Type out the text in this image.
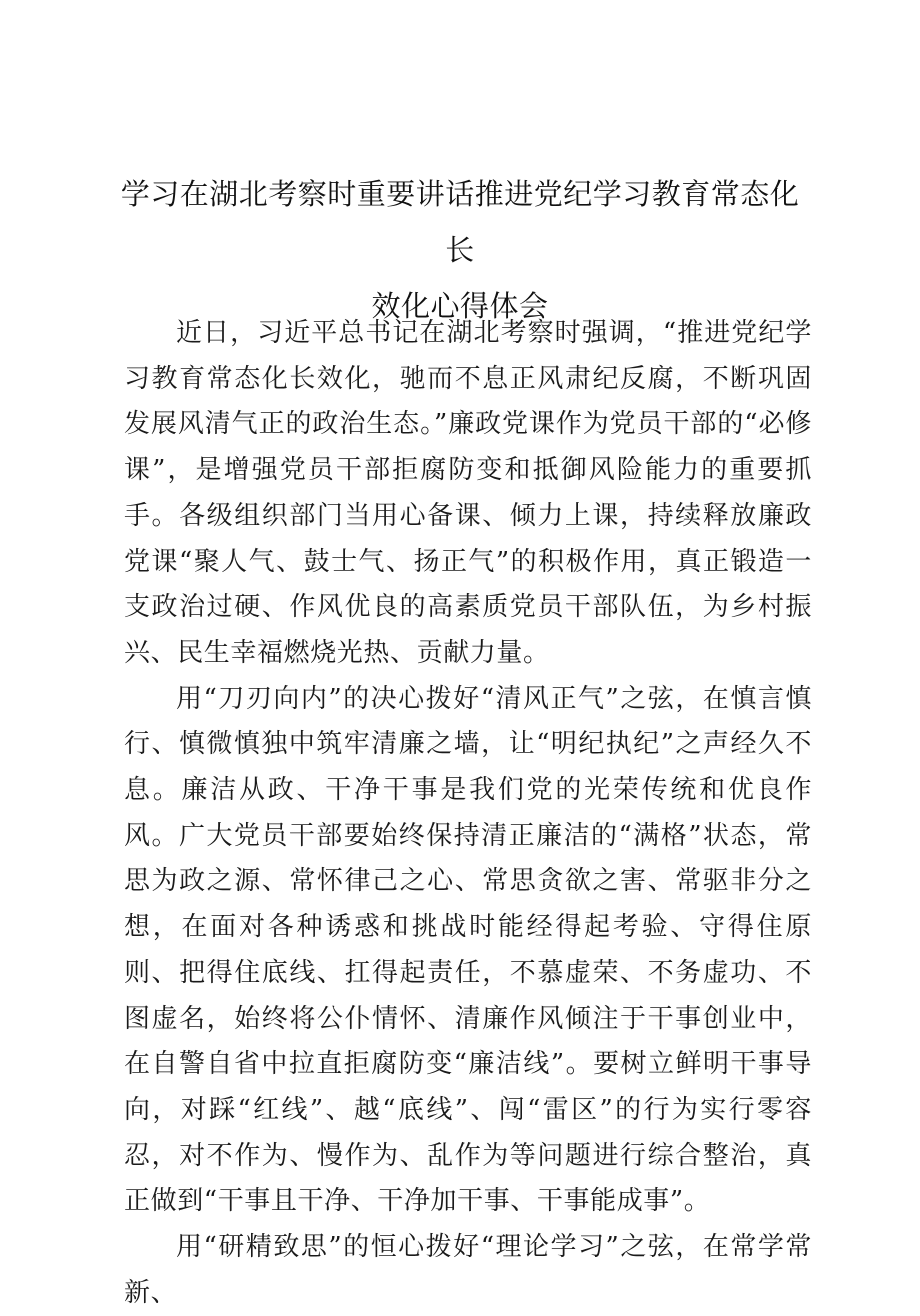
学习在湖北考察时重要讲话推进党纪学习教育常态化长
效化心得体会

近日，习近平总书记在湖北考察时强调，“推进党纪学习教育常态化长效化，驰而不息正风肃纪反腐，不断巩固发展风清气正的政治生态。”廉政党课作为党员干部的“必修课”，是增强党员干部拒腐防变和抵御风险能力的重要抓手。各级组织部门当用心备课、倾力上课，持续释放廉政党课“聚人气、鼓士气、扬正气”的积极作用，真正锻造一支政治过硬、作风优良的高素质党员干部队伍，为乡村振兴、民生幸福燃烧光热、贡献力量。

用“刀刃向内”的决心拨好“清风正气”之弦，在慎言慎行、慎微慎独中筑牢清廉之墙，让“明纪执纪”之声经久不息。廉洁从政、干净干事是我们党的光荣传统和优良作风。广大党员干部要始终保持清正廉洁的“满格”状态，常思为政之源、常怀律己之心、常思贪欲之害、常驱非分之想，在面对各种诱惑和挑战时能经得起考验、守得住原则、把得住底线、扛得起责任，不慕虚荣、不务虚功、不图虚名，始终将公仆情怀、清廉作风倾注于干事创业中，在自警自省中拉直拒腐防变“廉洁线”。要树立鲜明干事导向，对踩“红线”、越“底线”、闯“雷区”的行为实行零容忍，对不作为、慢作为、乱作为等问题进行综合整治，真正做到“干事且干净、干净加干事、干事能成事”。

用“研精致思”的恒心拨好“理论学习”之弦，在常学常新、
